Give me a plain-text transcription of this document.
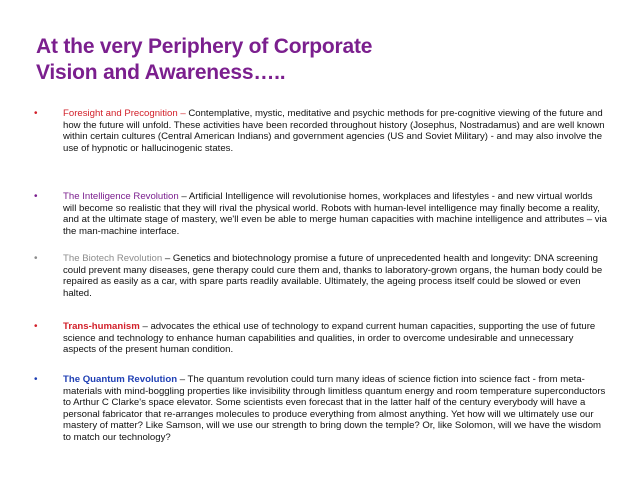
At the very Periphery of Corporate
Vision and Awareness…..
•	Foresight and Precognition – Contemplative, mystic, meditative and psychic methods for pre-cognitive viewing of the future and how the future will unfold. These activities have been recorded throughout history (Josephus, Nostradamus) and are well known within certain cultures (Central American Indians) and government agencies (US and Soviet Military) - and may also involve the use of hypnotic or hallucinogenic states.
•	The Intelligence Revolution – Artificial Intelligence will revolutionise homes, workplaces and lifestyles - and new virtual worlds will become so realistic that they will rival the physical world. Robots with human-level intelligence may finally become a reality, and at the ultimate stage of mastery, we'll even be able to merge human capacities with machine intelligence and attributes – via the man-machine interface.
•	The Biotech Revolution – Genetics and biotechnology promise a future of unprecedented health and longevity: DNA screening could prevent many diseases, gene therapy could cure them and, thanks to laboratory-grown organs, the human body could be repaired as easily as a car, with spare parts readily available. Ultimately, the ageing process itself could be slowed or even halted.
•	Trans-humanism – advocates the ethical use of technology to expand current human capacities, supporting the use of future science and technology to enhance human capabilities and qualities, in order to overcome undesirable and unnecessary aspects of the present human condition.
•	The Quantum Revolution – The quantum revolution could turn many ideas of science fiction into science fact - from meta-materials with mind-boggling properties like invisibility through limitless quantum energy and room temperature superconductors to Arthur C Clarke's space elevator. Some scientists even forecast that in the latter half of the century everybody will have a personal fabricator that re-arranges molecules to produce everything from almost anything. Yet how will we ultimately use our mastery of matter? Like Samson, will we use our strength to bring down the temple? Or, like Solomon, will we have the wisdom to match our technology?
